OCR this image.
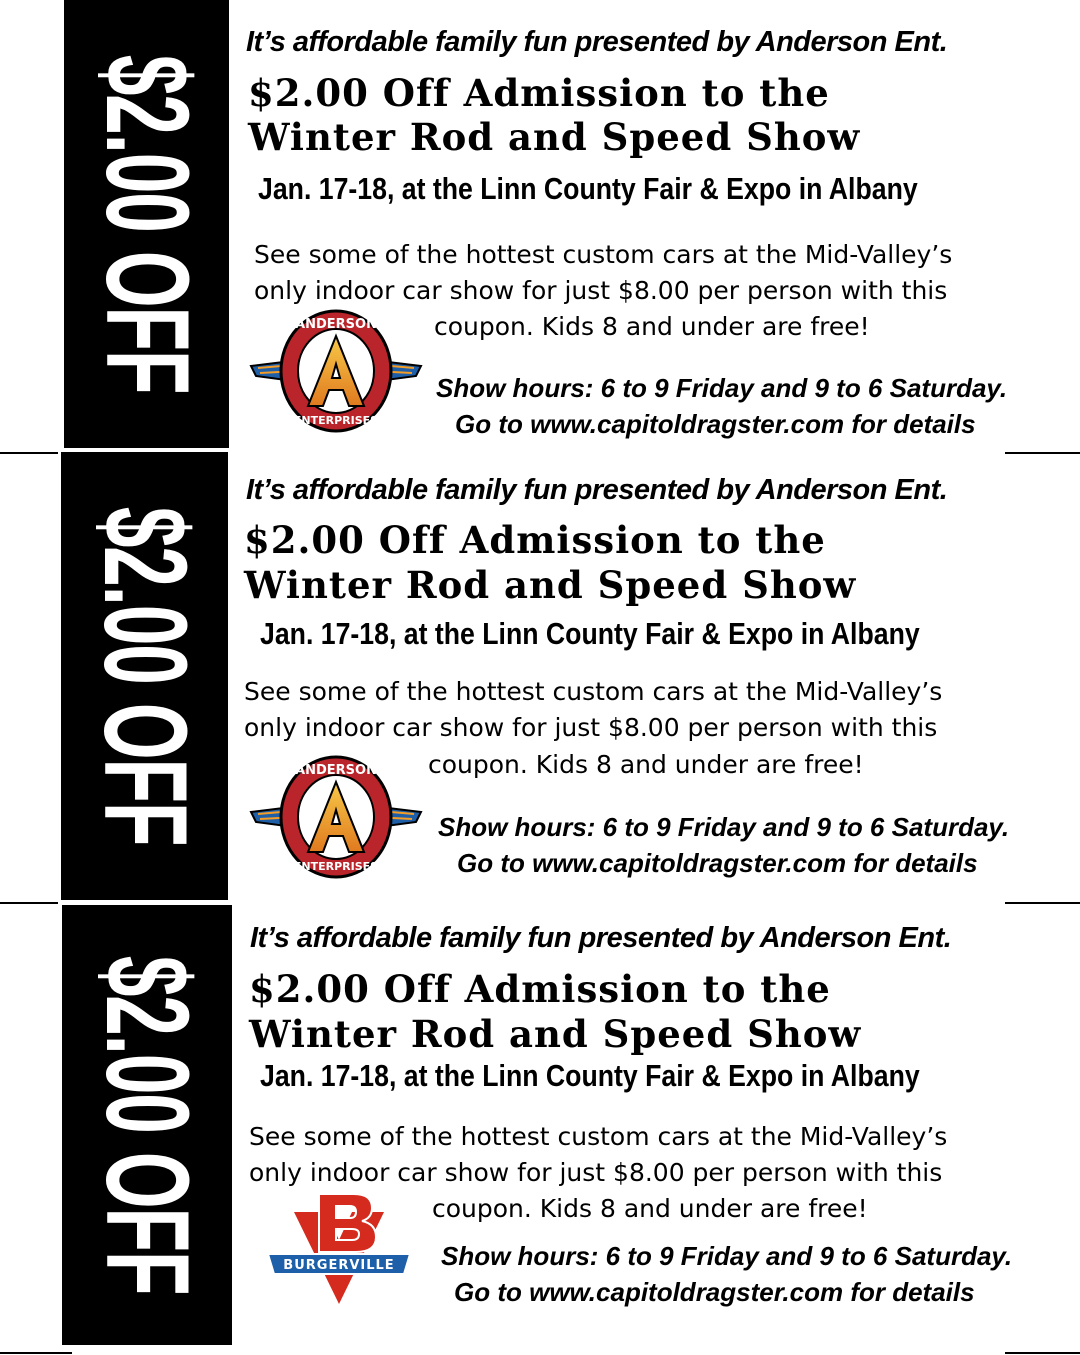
$2.00 OFF
It’s affordable family fun presented by Anderson Ent.
$2.00 Off Admission to the
Winter Rod and Speed Show
Jan. 17-18, at the Linn County Fair & Expo in Albany
See some of the hottest custom cars at the Mid-Valley’s
only indoor car show for just $8.00 per person with this
coupon. Kids 8 and under are free!
Show hours: 6 to 9 Friday and 9 to 6 Saturday.
Go to www.capitoldragster.com for details
ANDERSON
ENTERPRISES
$2.00 OFF
It’s affordable family fun presented by Anderson Ent.
$2.00 Off Admission to the
Winter Rod and Speed Show
Jan. 17-18, at the Linn County Fair & Expo in Albany
See some of the hottest custom cars at the Mid-Valley’s
only indoor car show for just $8.00 per person with this
coupon. Kids 8 and under are free!
Show hours: 6 to 9 Friday and 9 to 6 Saturday.
Go to www.capitoldragster.com for details
ANDERSON
ENTERPRISES
$2.00 OFF
It’s affordable family fun presented by Anderson Ent.
$2.00 Off Admission to the
Winter Rod and Speed Show
Jan. 17-18, at the Linn County Fair & Expo in Albany
See some of the hottest custom cars at the Mid-Valley’s
only indoor car show for just $8.00 per person with this
coupon. Kids 8 and under are free!
Show hours: 6 to 9 Friday and 9 to 6 Saturday.
Go to www.capitoldragster.com for details
BURGERVILLE
